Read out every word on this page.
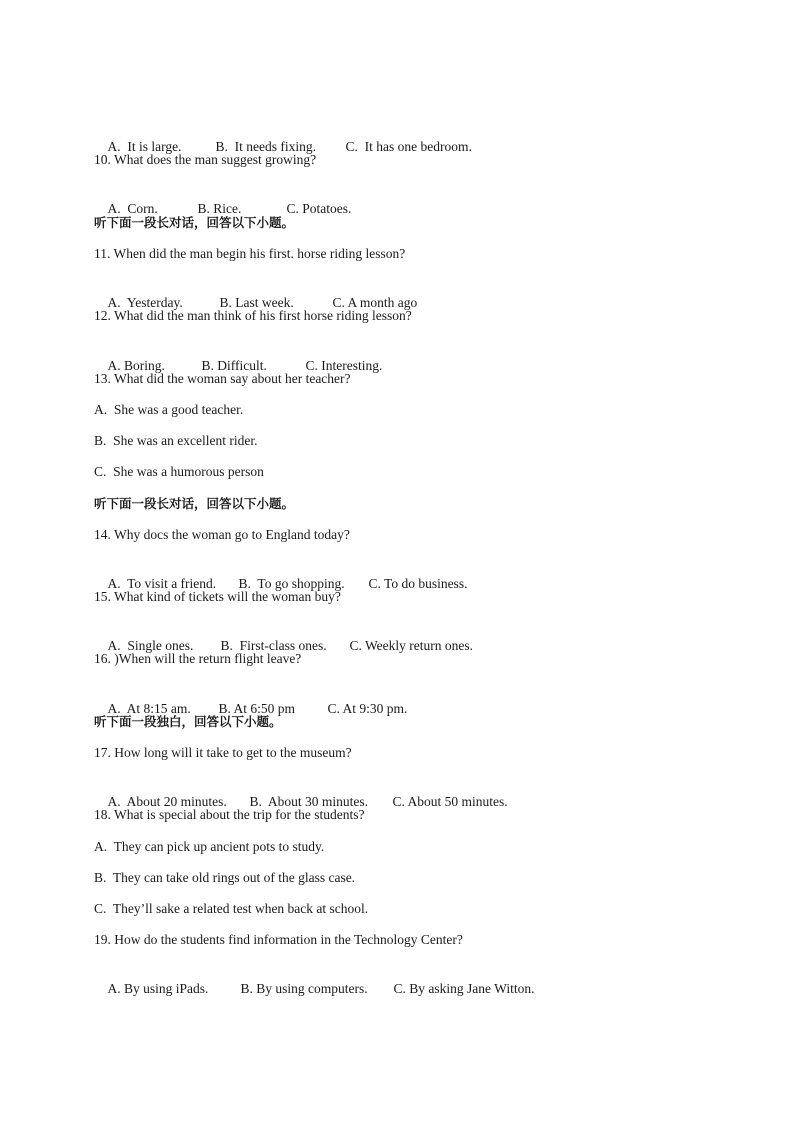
A.  It is large.	B.  It needs fixing. C.  It has one bedroom.

10. What does the man suggest growing?

A.  Corn.	B. Rice.	C. Potatoes.

听下面一段长对话，回答以下小题。
11. When did the man begin his first. horse riding lesson?

A.  Yesterday.	B. Last week.	C. A month ago

12. What did the man think of his first horse riding lesson?

A. Boring.	B. Difficult.	C. Interesting.

13. What did the woman say about her teacher?
A.  She was a good teacher.
B.  She was an excellent rider.
C.  She was a humorous person
听下面一段长对话，回答以下小题。
14. Why docs the woman go to England today?

A.  To visit a friend. B.  To go shopping. C. To do business.

15. What kind of tickets will the woman buy?

A.  Single ones. B.  First-class ones. C. Weekly return ones.

16. )When will the return flight leave?

A.  At 8:15 am. B. At 6:50 pm C. At 9:30 pm.

听下面一段独白，回答以下小题。
17. How long will it take to get to the museum?

A.  About 20 minutes. B.  About 30 minutes. C. About 50 minutes.

18. What is special about the trip for the students?
A.  They can pick up ancient pots to study.
B.  They can take old rings out of the glass case.
C.  They’ll sake a related test when back at school.
19. How do the students find information in the Technology Center?

A. By using iPads. B. By using computers. C. By asking Jane Witton.
